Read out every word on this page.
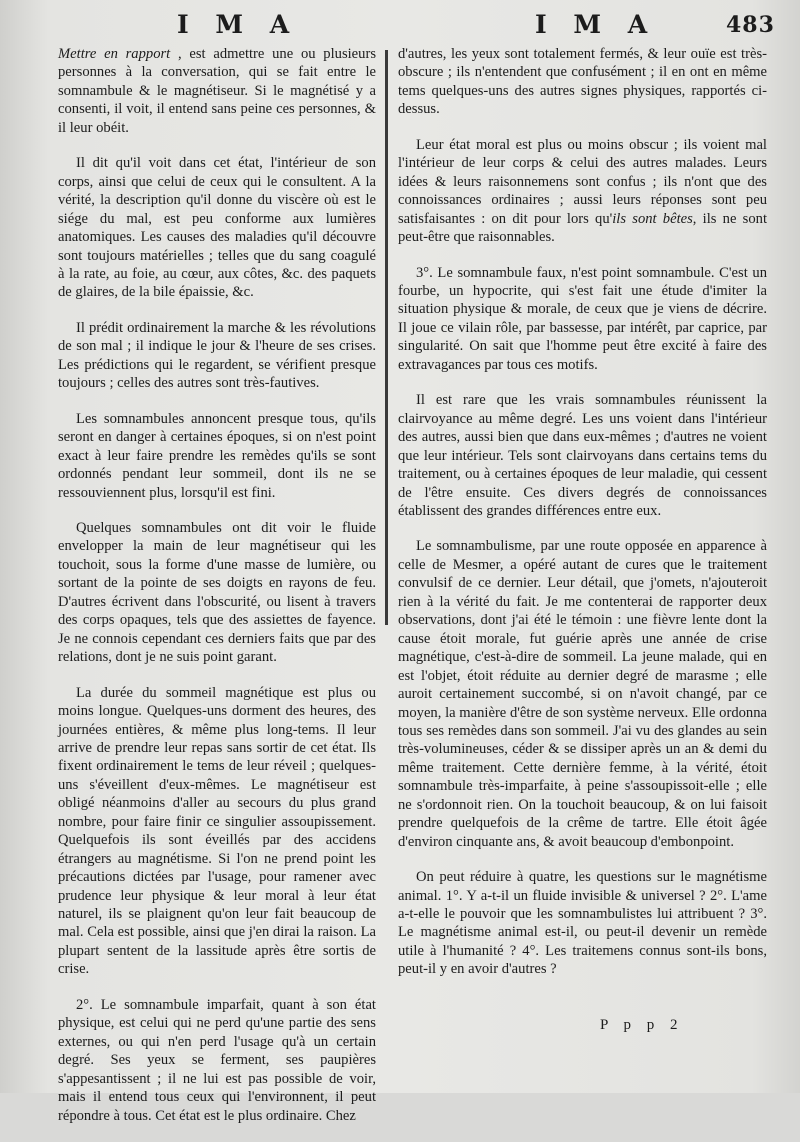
I M A	I M A	483

Mettre en rapport , est admettre une ou plusieurs personnes à la conversation, qui se fait entre le somnambule & le magnétiseur. Si le magnétisé y a consenti, il voit, il entend sans peine ces personnes, & il leur obéit.

Il dit qu'il voit dans cet état, l'intérieur de son corps, ainsi que celui de ceux qui le consultent. A la vérité, la description qu'il donne du viscère où est le siége du mal, est peu conforme aux lumières anatomiques. Les causes des maladies qu'il découvre sont toujours matérielles ; telles que du sang coagulé à la rate, au foie, au cœur, aux côtes, &c. des paquets de glaires, de la bile épaissie, &c.

Il prédit ordinairement la marche & les révolutions de son mal ; il indique le jour & l'heure de ses crises. Les prédictions qui le regardent, se vérifient presque toujours ; celles des autres sont très-fautives.

Les somnambules annoncent presque tous, qu'ils seront en danger à certaines époques, si on n'est point exact à leur faire prendre les remèdes qu'ils se sont ordonnés pendant leur sommeil, dont ils ne se ressouviennent plus, lorsqu'il est fini.

Quelques somnambules ont dit voir le fluide envelopper la main de leur magnétiseur qui les touchoit, sous la forme d'une masse de lumière, ou sortant de la pointe de ses doigts en rayons de feu. D'autres écrivent dans l'obscurité, ou lisent à travers des corps opaques, tels que des assiettes de fayence. Je ne connois cependant ces derniers faits que par des relations, dont je ne suis point garant.

La durée du sommeil magnétique est plus ou moins longue. Quelques-uns dorment des heures, des journées entières, & même plus long-tems. Il leur arrive de prendre leur repas sans sortir de cet état. Ils fixent ordinairement le tems de leur réveil ; quelques-uns s'éveillent d'eux-mêmes. Le magnétiseur est obligé néanmoins d'aller au secours du plus grand nombre, pour faire finir ce singulier assoupissement. Quelquefois ils sont éveillés par des accidens étrangers au magnétisme. Si l'on ne prend point les précautions dictées par l'usage, pour ramener avec prudence leur physique & leur moral à leur état naturel, ils se plaignent qu'on leur fait beaucoup de mal. Cela est possible, ainsi que j'en dirai la raison. La plupart sentent de la lassitude après être sortis de crise.

2°. Le somnambule imparfait, quant à son état physique, est celui qui ne perd qu'une partie des sens externes, ou qui n'en perd l'usage qu'à un certain degré. Ses yeux se ferment, ses paupières s'appesantissent ; il ne lui est pas possible de voir, mais il entend tous ceux qui l'environnent, il peut répondre à tous. Cet état est le plus ordinaire. Chez

d'autres, les yeux sont totalement fermés, & leur ouïe est très-obscure ; ils n'entendent que confusément ; il en ont en même tems quelques-uns des autres signes physiques, rapportés ci-dessus.

Leur état moral est plus ou moins obscur ; ils voient mal l'intérieur de leur corps & celui des autres malades. Leurs idées & leurs raisonnemens sont confus ; ils n'ont que des connoissances ordinaires ; aussi leurs réponses sont peu satisfaisantes : on dit pour lors qu'ils sont bêtes, ils ne sont peut-être que raisonnables.

3°. Le somnambule faux, n'est point somnambule. C'est un fourbe, un hypocrite, qui s'est fait une étude d'imiter la situation physique & morale, de ceux que je viens de décrire. Il joue ce vilain rôle, par bassesse, par intérêt, par caprice, par singularité. On sait que l'homme peut être excité à faire des extravagances par tous ces motifs.

Il est rare que les vrais somnambules réunissent la clairvoyance au même degré. Les uns voient dans l'intérieur des autres, aussi bien que dans eux-mêmes ; d'autres ne voient que leur intérieur. Tels sont clairvoyans dans certains tems du traitement, ou à certaines époques de leur maladie, qui cessent de l'être ensuite. Ces divers degrés de connoissances établissent des grandes différences entre eux.

Le somnambulisme, par une route opposée en apparence à celle de Mesmer, a opéré autant de cures que le traitement convulsif de ce dernier. Leur détail, que j'omets, n'ajouteroit rien à la vérité du fait. Je me contenterai de rapporter deux observations, dont j'ai été le témoin : une fièvre lente dont la cause étoit morale, fut guérie après une année de crise magnétique, c'est-à-dire de sommeil. La jeune malade, qui en est l'objet, étoit réduite au dernier degré de marasme ; elle auroit certainement succombé, si on n'avoit changé, par ce moyen, la manière d'être de son système nerveux. Elle ordonna tous ses remèdes dans son sommeil. J'ai vu des glandes au sein très-volumineuses, céder & se dissiper après un an & demi du même traitement. Cette dernière femme, à la vérité, étoit somnambule très-imparfaite, à peine s'assoupissoit-elle ; elle ne s'ordonnoit rien. On la touchoit beaucoup, & on lui faisoit prendre quelquefois de la crême de tartre. Elle étoit âgée d'environ cinquante ans, & avoit beaucoup d'embonpoint.

On peut réduire à quatre, les questions sur le magnétisme animal. 1°. Y a-t-il un fluide invisible & universel ? 2°. L'ame a-t-elle le pouvoir que les somnambulistes lui attribuent ? 3°. Le magnétisme animal est-il, ou peut-il devenir un remède utile à l'humanité ? 4°. Les traitemens connus sont-ils bons, peut-il y en avoir d'autres ?

P p p 2
